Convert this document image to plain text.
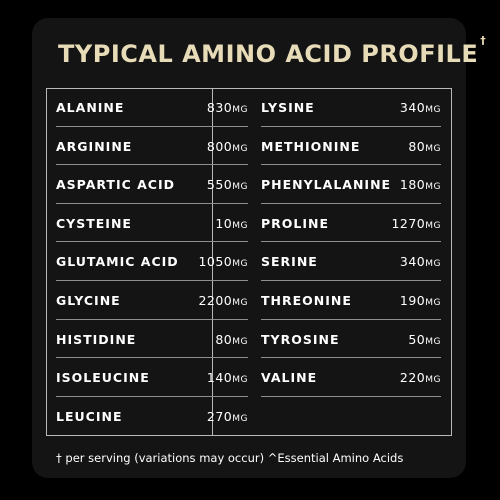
TYPICAL AMINO ACID PROFILE †
ALANINE	830MG
ARGININE	800MG
ASPARTIC ACID	550MG
CYSTEINE	10MG
GLUTAMIC ACID 1050MG
GLYCINE	2200MG
HISTIDINE	80MG
ISOLEUCINE	140MG
LEUCINE	270MG
LYSINE	340MG
METHIONINE	80MG
PHENYLALANINE 180MG
PROLINE	1270MG
SERINE	340MG
THREONINE	190MG
TYROSINE	50MG
VALINE	220MG
† per serving (variations may occur) ^Essential Amino Acids
